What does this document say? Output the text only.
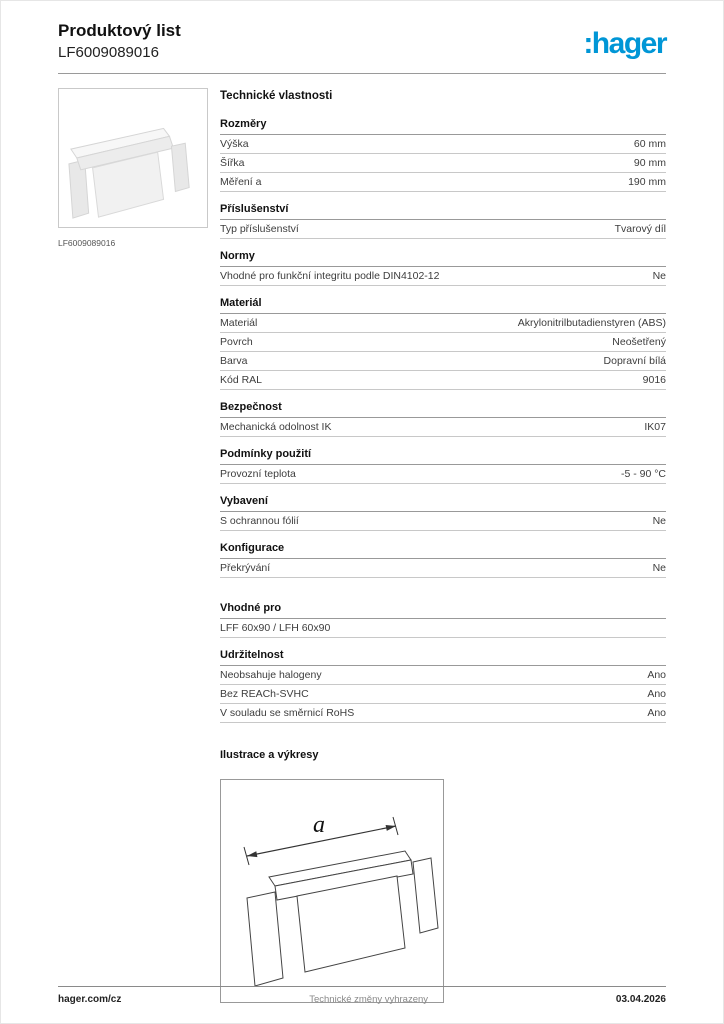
Produktový list
LF6009089016	:hager
LF6009089016
Technické vlastnosti
Rozměry
Výška	60 mm
Šířka	90 mm
Měření a	190 mm
Příslušenství
Typ příslušenství	Tvarový díl
Normy
Vhodné pro funkční integritu podle DIN4102-12	Ne
Materiál
Materiál	Akrylonitrilbutadienstyren (ABS)
Povrch	Neošetřený
Barva	Dopravní bílá
Kód RAL	9016
Bezpečnost
Mechanická odolnost IK	IK07
Podmínky použití
Provozní teplota	-5 - 90 °C
Vybavení
S ochrannou fólií	Ne
Konfigurace
Překrývání	Ne
Vhodné pro
LFF 60x90 / LFH 60x90
Udržitelnost
Neobsahuje halogeny	Ano
Bez REACh-SVHC	Ano
V souladu se směrnicí RoHS	Ano
Ilustrace a výkresy
a
hager.com/cz	Technické změny vyhrazeny	03.04.2026
